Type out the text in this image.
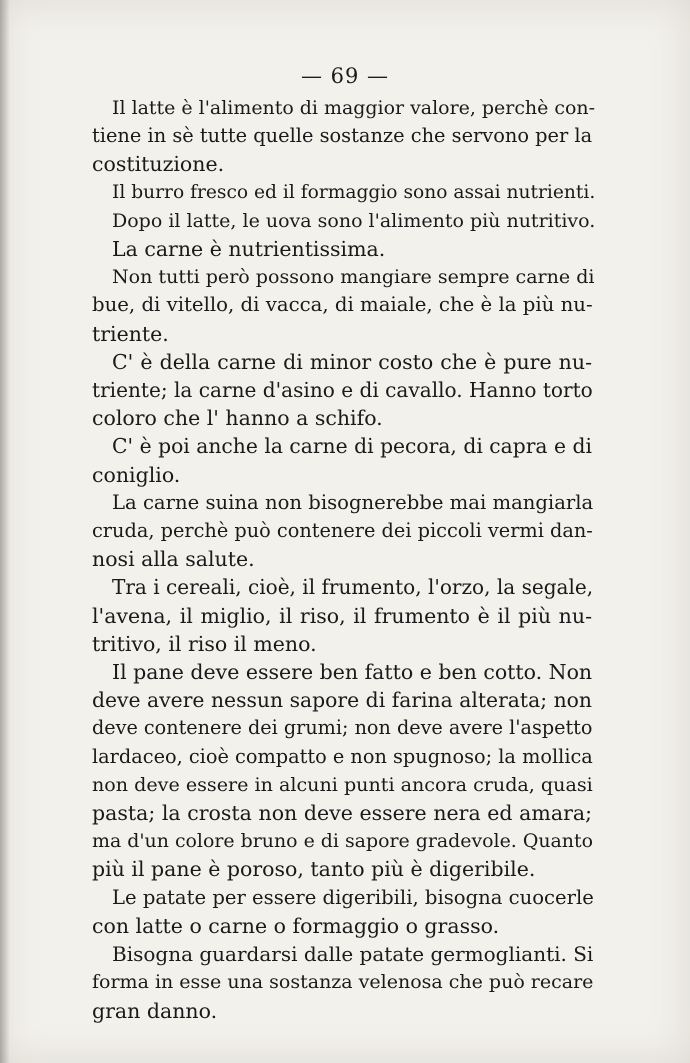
— 69 —
Il latte è l'alimento di maggior valore, perchè con-
tiene in sè tutte quelle sostanze che servono per la
costituzione.
Il burro fresco ed il formaggio sono assai nutrienti.
Dopo il latte, le uova sono l'alimento più nutritivo.
La carne è nutrientissima.
Non tutti però possono mangiare sempre carne di
bue, di vitello, di vacca, di maiale, che è la più nu-
triente.
C' è della carne di minor costo che è pure nu-
triente; la carne d'asino e di cavallo. Hanno torto
coloro che l' hanno a schifo.
C' è poi anche la carne di pecora, di capra e di
coniglio.
La carne suina non bisognerebbe mai mangiarla
cruda, perchè può contenere dei piccoli vermi dan-
nosi alla salute.
Tra i cereali, cioè, il frumento, l'orzo, la segale,
l'avena, il miglio, il riso, il frumento è il più nu-
tritivo, il riso il meno.
Il pane deve essere ben fatto e ben cotto. Non
deve avere nessun sapore di farina alterata; non
deve contenere dei grumi; non deve avere l'aspetto
lardaceo, cioè compatto e non spugnoso; la mollica
non deve essere in alcuni punti ancora cruda, quasi
pasta; la crosta non deve essere nera ed amara;
ma d'un colore bruno e di sapore gradevole. Quanto
più il pane è poroso, tanto più è digeribile.
Le patate per essere digeribili, bisogna cuocerle
con latte o carne o formaggio o grasso.
Bisogna guardarsi dalle patate germoglianti. Si
forma in esse una sostanza velenosa che può recare
gran danno.
